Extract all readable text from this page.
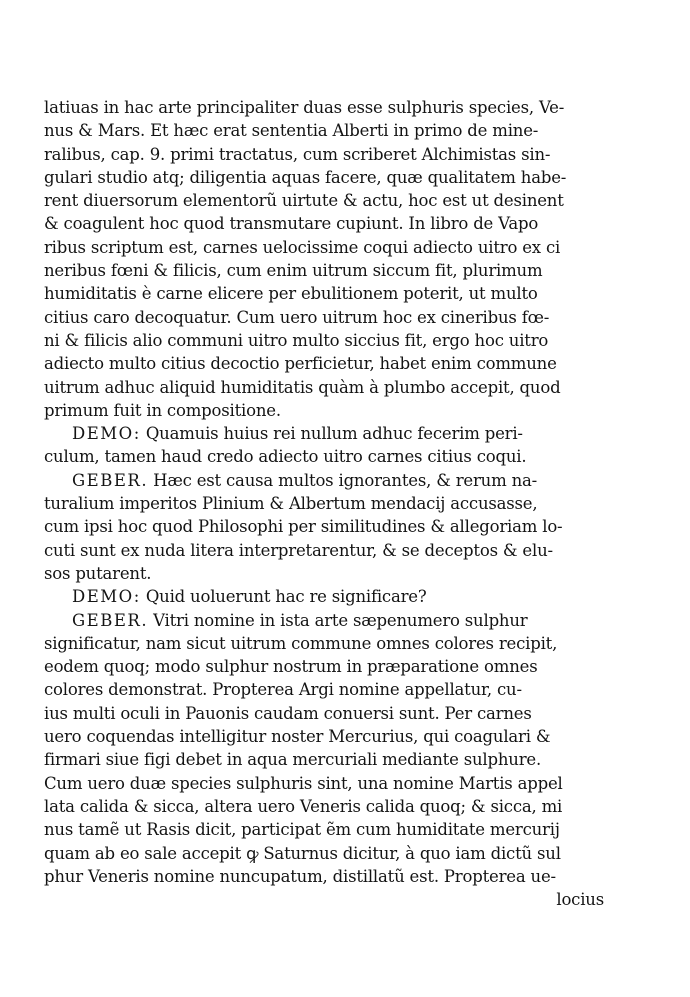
latiuas in hac arte principaliter duas esse sulphuris species, Ve-
nus & Mars. Et hæc erat sententia Alberti in primo de mine-
ralibus, cap. 9. primi tractatus, cum scriberet Alchimistas sin-
gulari studio atq; diligentia aquas facere, quæ qualitatem habe-
rent diuersorum elementorũ uirtute & actu, hoc est ut desinent
& coagulent hoc quod transmutare cupiunt. In libro de Vapo
ribus scriptum est, carnes uelocissime coqui adiecto uitro ex ci
neribus fœni & filicis, cum enim uitrum siccum fit, plurimum
humiditatis è carne elicere per ebulitionem poterit, ut multo
citius caro decoquatur. Cum uero uitrum hoc ex cineribus fœ-
ni & filicis alio communi uitro multo siccius fit, ergo hoc uitro
adiecto multo citius decoctio perficietur, habet enim commune
uitrum adhuc aliquid humiditatis quàm à plumbo accepit, quod
primum fuit in compositione.
DEMO: Quamuis huius rei nullum adhuc fecerim peri-
culum, tamen haud credo adiecto uitro carnes citius coqui.
GEBER. Hæc est causa multos ignorantes, & rerum na-
turalium imperitos Plinium & Albertum mendacij accusasse,
cum ipsi hoc quod Philosophi per similitudines & allegoriam lo-
cuti sunt ex nuda litera interpretarentur, & se deceptos & elu-
sos putarent.
DEMO: Quid uoluerunt hac re significare?
GEBER. Vitri nomine in ista arte sæpenumero sulphur
significatur, nam sicut uitrum commune omnes colores recipit,
eodem quoq; modo sulphur nostrum in præparatione omnes
colores demonstrat. Propterea Argi nomine appellatur, cu-
ius multi oculi in Pauonis caudam conuersi sunt. Per carnes
uero coquendas intelligitur noster Mercurius, qui coagulari &
firmari siue figi debet in aqua mercuriali mediante sulphure.
Cum uero duæ species sulphuris sint, una nomine Martis appel
lata calida & sicca, altera uero Veneris calida quoq; & sicca, mi
nus tamẽ ut Rasis dicit, participat ẽm cum humiditate mercurij
quam ab eo sale accepit ꝙ Saturnus dicitur, à quo iam dictũ sul
phur Veneris nomine nuncupatum, distillatũ est. Propterea ue-
locius
